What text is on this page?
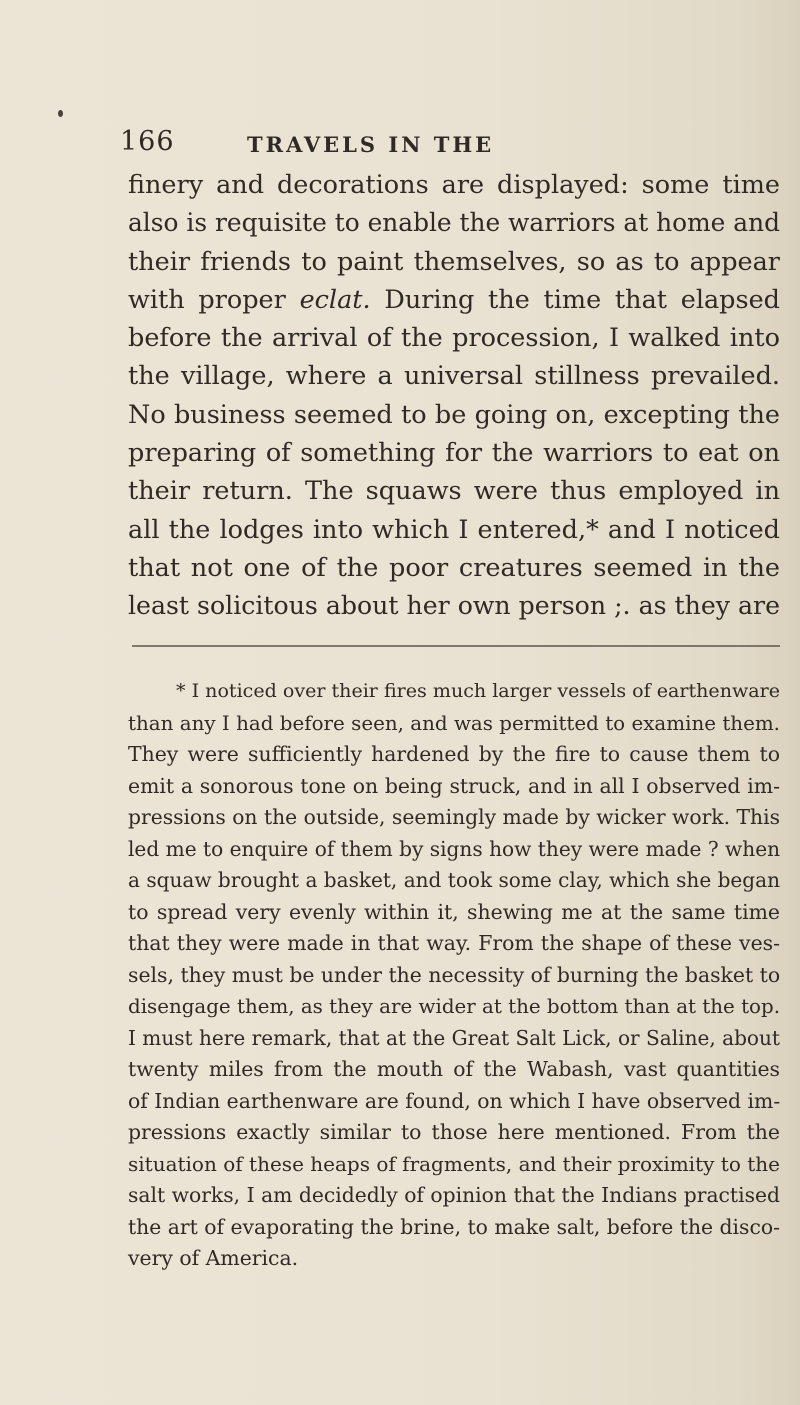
166	TRAVELS IN THE
finery and decorations are displayed: some time
also is requisite to enable the warriors at home and
their friends to paint themselves, so as to appear
with proper eclat. During the time that elapsed
before the arrival of the procession, I walked into
the village, where a universal stillness prevailed.
No business seemed to be going on, excepting the
preparing of something for the warriors to eat on
their return. The squaws were thus employed in
all the lodges into which I entered,* and I noticed
that not one of the poor creatures seemed in the
least solicitous about her own person ;. as they are
* I noticed over their fires much larger vessels of earthenware
than any I had before seen, and was permitted to examine them.
They were sufficiently hardened by the fire to cause them to
emit a sonorous tone on being struck, and in all I observed im-
pressions on the outside, seemingly made by wicker work. This
led me to enquire of them by signs how they were made ? when
a squaw brought a basket, and took some clay, which she began
to spread very evenly within it, shewing me at the same time
that they were made in that way. From the shape of these ves-
sels, they must be under the necessity of burning the basket to
disengage them, as they are wider at the bottom than at the top.
I must here remark, that at the Great Salt Lick, or Saline, about
twenty miles from the mouth of the Wabash, vast quantities
of Indian earthenware are found, on which I have observed im-
pressions exactly similar to those here mentioned. From the
situation of these heaps of fragments, and their proximity to the
salt works, I am decidedly of opinion that the Indians practised
the art of evaporating the brine, to make salt, before the disco-
very of America.
